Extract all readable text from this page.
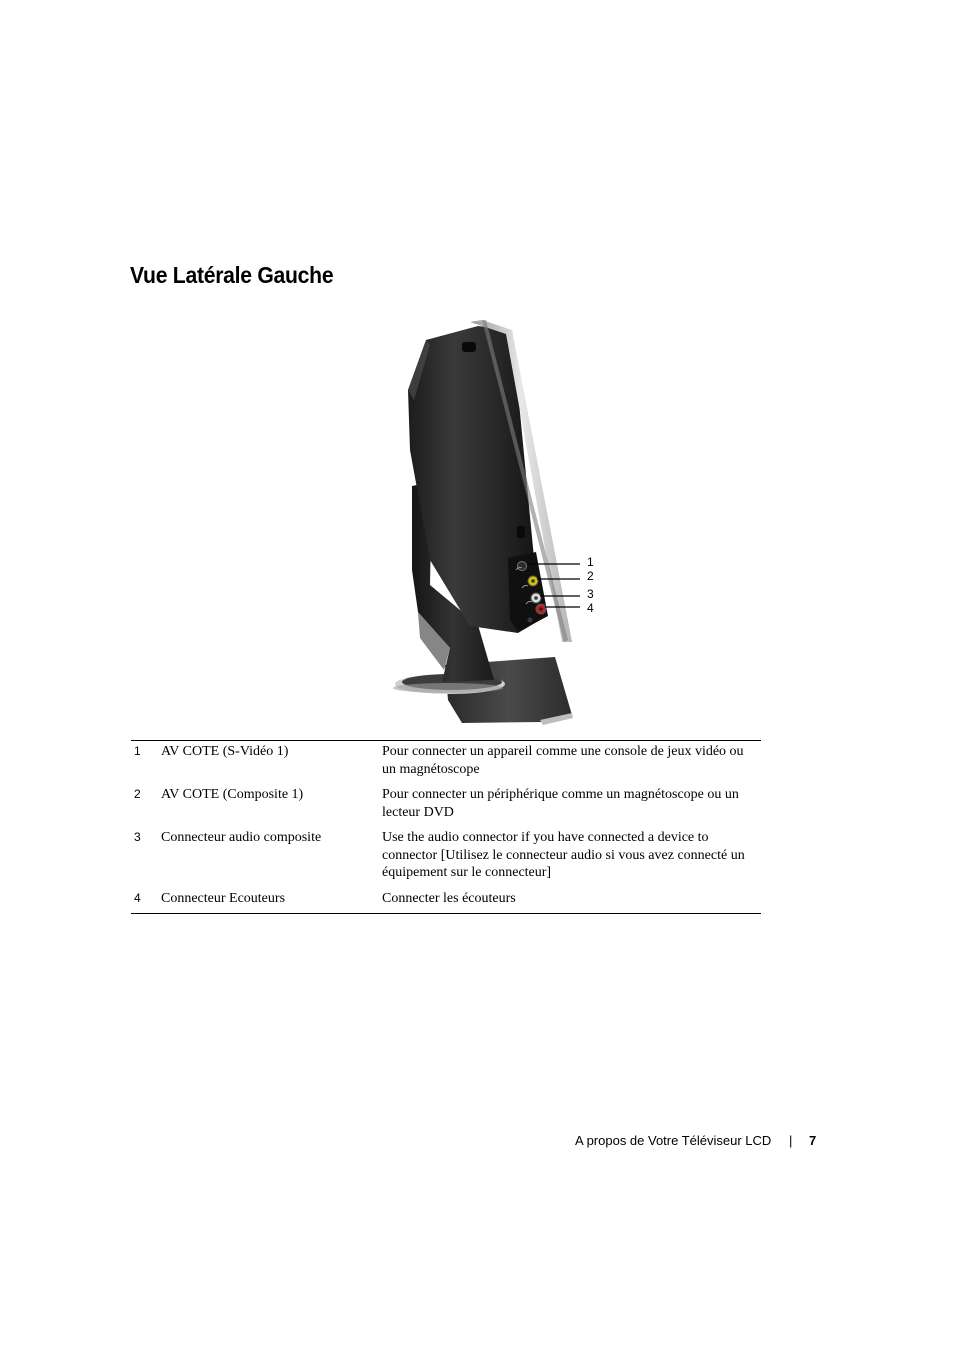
Vue Latérale Gauche
1
2
3
4
1	AV COTE (S-Vidéo 1)	Pour connecter un appareil comme une console de jeux vidéo ou un magnétoscope
2	AV COTE (Composite 1)	Pour connecter un périphérique comme un magnétoscope ou un lecteur DVD
3	Connecteur audio composite	Use the audio connector if you have connected a device to connector [Utilisez le connecteur audio si vous avez connecté un équipement sur le connecteur]
4	Connecteur Ecouteurs	Connecter les écouteurs
A propos de Votre Téléviseur LCD | 7
